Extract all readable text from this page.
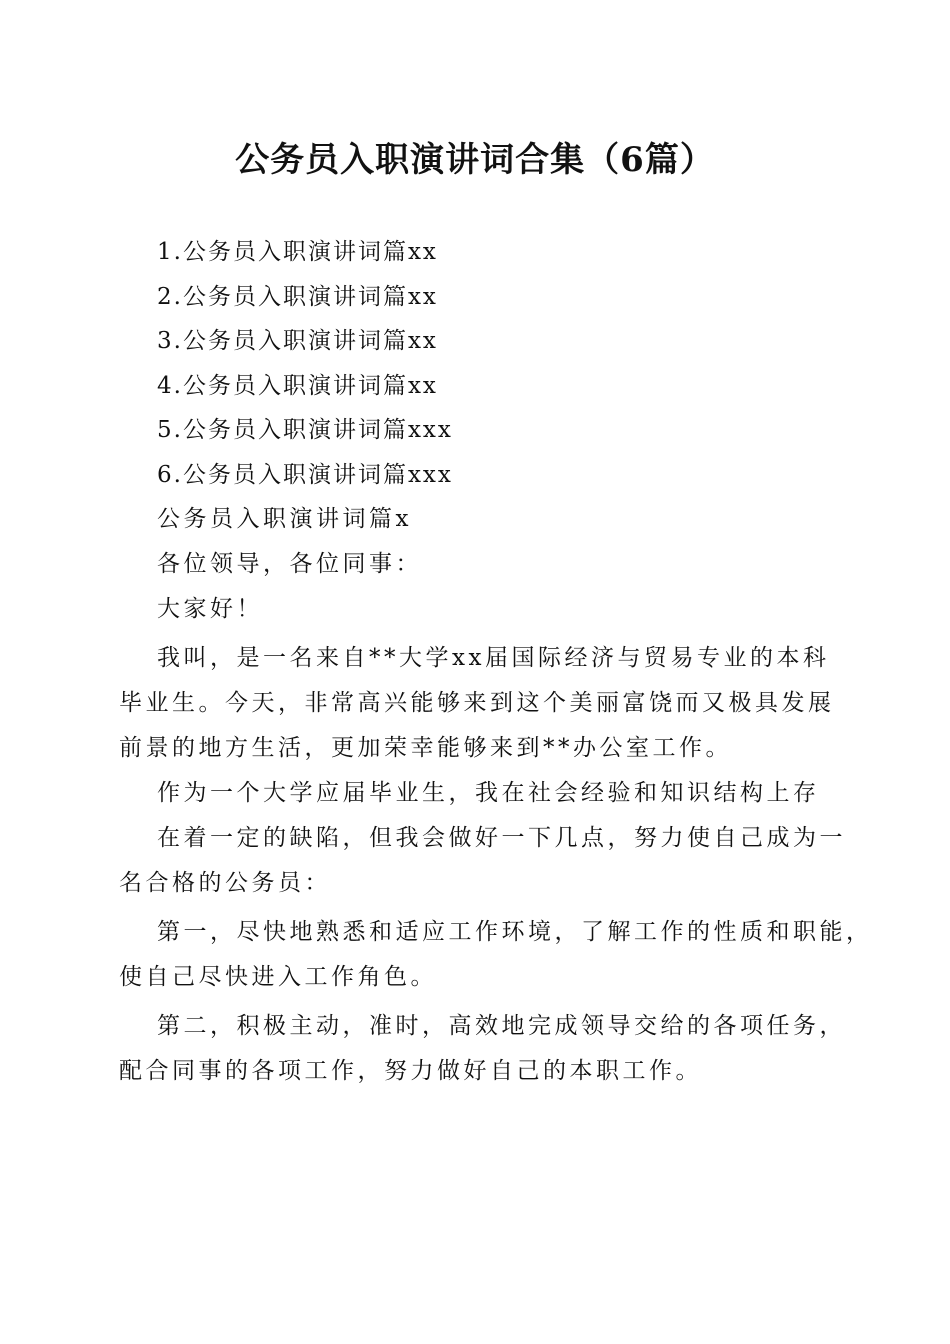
公务员入职演讲词合集（6篇）
1.公务员入职演讲词篇xx
2.公务员入职演讲词篇xx
3.公务员入职演讲词篇xx
4.公务员入职演讲词篇xx
5.公务员入职演讲词篇xxx
6.公务员入职演讲词篇xxx
公务员入职演讲词篇x
各位领导，各位同事：
大家好！
我叫，是一名来自**大学xx届国际经济与贸易专业的本科
毕业生。今天，非常高兴能够来到这个美丽富饶而又极具发展
前景的地方生活，更加荣幸能够来到**办公室工作。
作为一个大学应届毕业生，我在社会经验和知识结构上存
在着一定的缺陷，但我会做好一下几点，努力使自己成为一
名合格的公务员：
第一，尽快地熟悉和适应工作环境，了解工作的性质和职能，
使自己尽快进入工作角色。
第二，积极主动，准时，高效地完成领导交给的各项任务，
配合同事的各项工作，努力做好自己的本职工作。
